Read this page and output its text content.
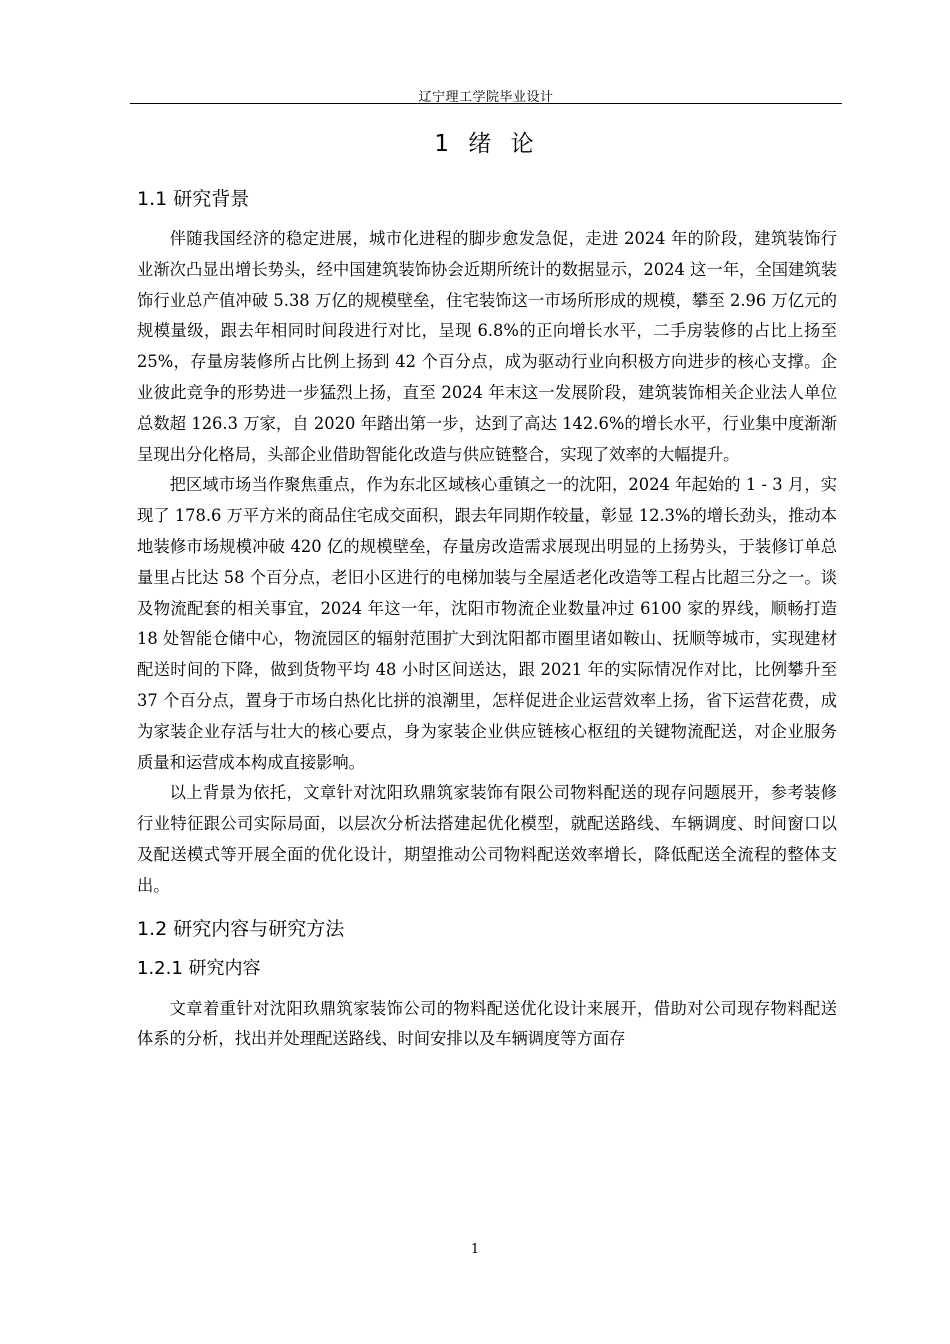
辽宁理工学院毕业设计
1 绪 论
1.1 研究背景

伴随我国经济的稳定进展，城市化进程的脚步愈发急促，走进 2024 年的阶段，建筑装饰行业渐次凸显出增长势头，经中国建筑装饰协会近期所统计的数据显示，2024 这一年，全国建筑装饰行业总产值冲破 5.38 万亿的规模壁垒，住宅装饰这一市场所形成的规模，攀至 2.96 万亿元的规模量级，跟去年相同时间段进行对比，呈现 6.8%的正向增长水平，二手房装修的占比上扬至 25%，存量房装修所占比例上扬到 42 个百分点，成为驱动行业向积极方向进步的核心支撑。企业彼此竞争的形势进一步猛烈上扬，直至 2024 年末这一发展阶段，建筑装饰相关企业法人单位总数超 126.3 万家，自 2020 年踏出第一步，达到了高达 142.6%的增长水平，行业集中度渐渐呈现出分化格局，头部企业借助智能化改造与供应链整合，实现了效率的大幅提升。

把区域市场当作聚焦重点，作为东北区域核心重镇之一的沈阳，2024 年起始的 1 - 3 月，实现了 178.6 万平方米的商品住宅成交面积，跟去年同期作较量，彰显 12.3%的增长劲头，推动本地装修市场规模冲破 420 亿的规模壁垒，存量房改造需求展现出明显的上扬势头，于装修订单总量里占比达 58 个百分点，老旧小区进行的电梯加装与全屋适老化改造等工程占比超三分之一。谈及物流配套的相关事宜，2024 年这一年，沈阳市物流企业数量冲过 6100 家的界线，顺畅打造 18 处智能仓储中心，物流园区的辐射范围扩大到沈阳都市圈里诸如鞍山、抚顺等城市，实现建材配送时间的下降，做到货物平均 48 小时区间送达，跟 2021 年的实际情况作对比，比例攀升至 37 个百分点，置身于市场白热化比拼的浪潮里，怎样促进企业运营效率上扬，省下运营花费，成为家装企业存活与壮大的核心要点，身为家装企业供应链核心枢纽的关键物流配送，对企业服务质量和运营成本构成直接影响。

以上背景为依托，文章针对沈阳玖鼎筑家装饰有限公司物料配送的现存问题展开，参考装修行业特征跟公司实际局面，以层次分析法搭建起优化模型，就配送路线、车辆调度、时间窗口以及配送模式等开展全面的优化设计，期望推动公司物料配送效率增长，降低配送全流程的整体支出。

1.2 研究内容与研究方法
1.2.1 研究内容

文章着重针对沈阳玖鼎筑家装饰公司的物料配送优化设计来展开，借助对公司现存物料配送体系的分析，找出并处理配送路线、时间安排以及车辆调度等方面存

1
